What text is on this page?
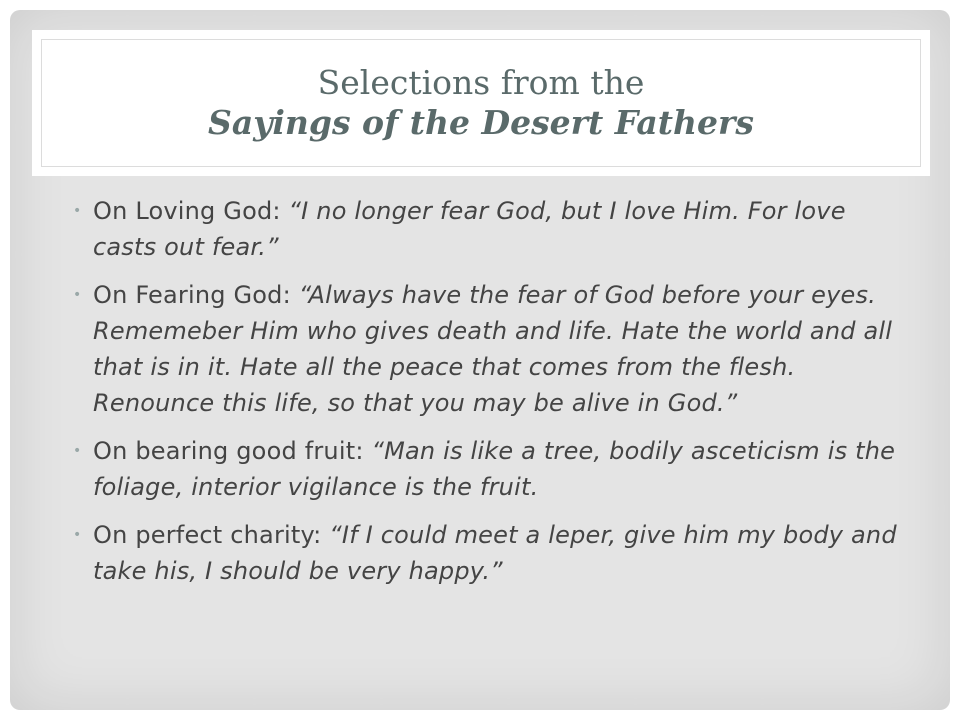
Selections from the
Sayings of the Desert Fathers
• On Loving God: “I no longer fear God, but I love Him. For love casts out fear.”
• On Fearing God: “Always have the fear of God before your eyes. Rememeber Him who gives death and life. Hate the world and all that is in it. Hate all the peace that comes from the flesh. Renounce this life, so that you may be alive in God.”
• On bearing good fruit: “Man is like a tree, bodily asceticism is the foliage, interior vigilance is the fruit.
• On perfect charity: “If I could meet a leper, give him my body and take his, I should be very happy.”
